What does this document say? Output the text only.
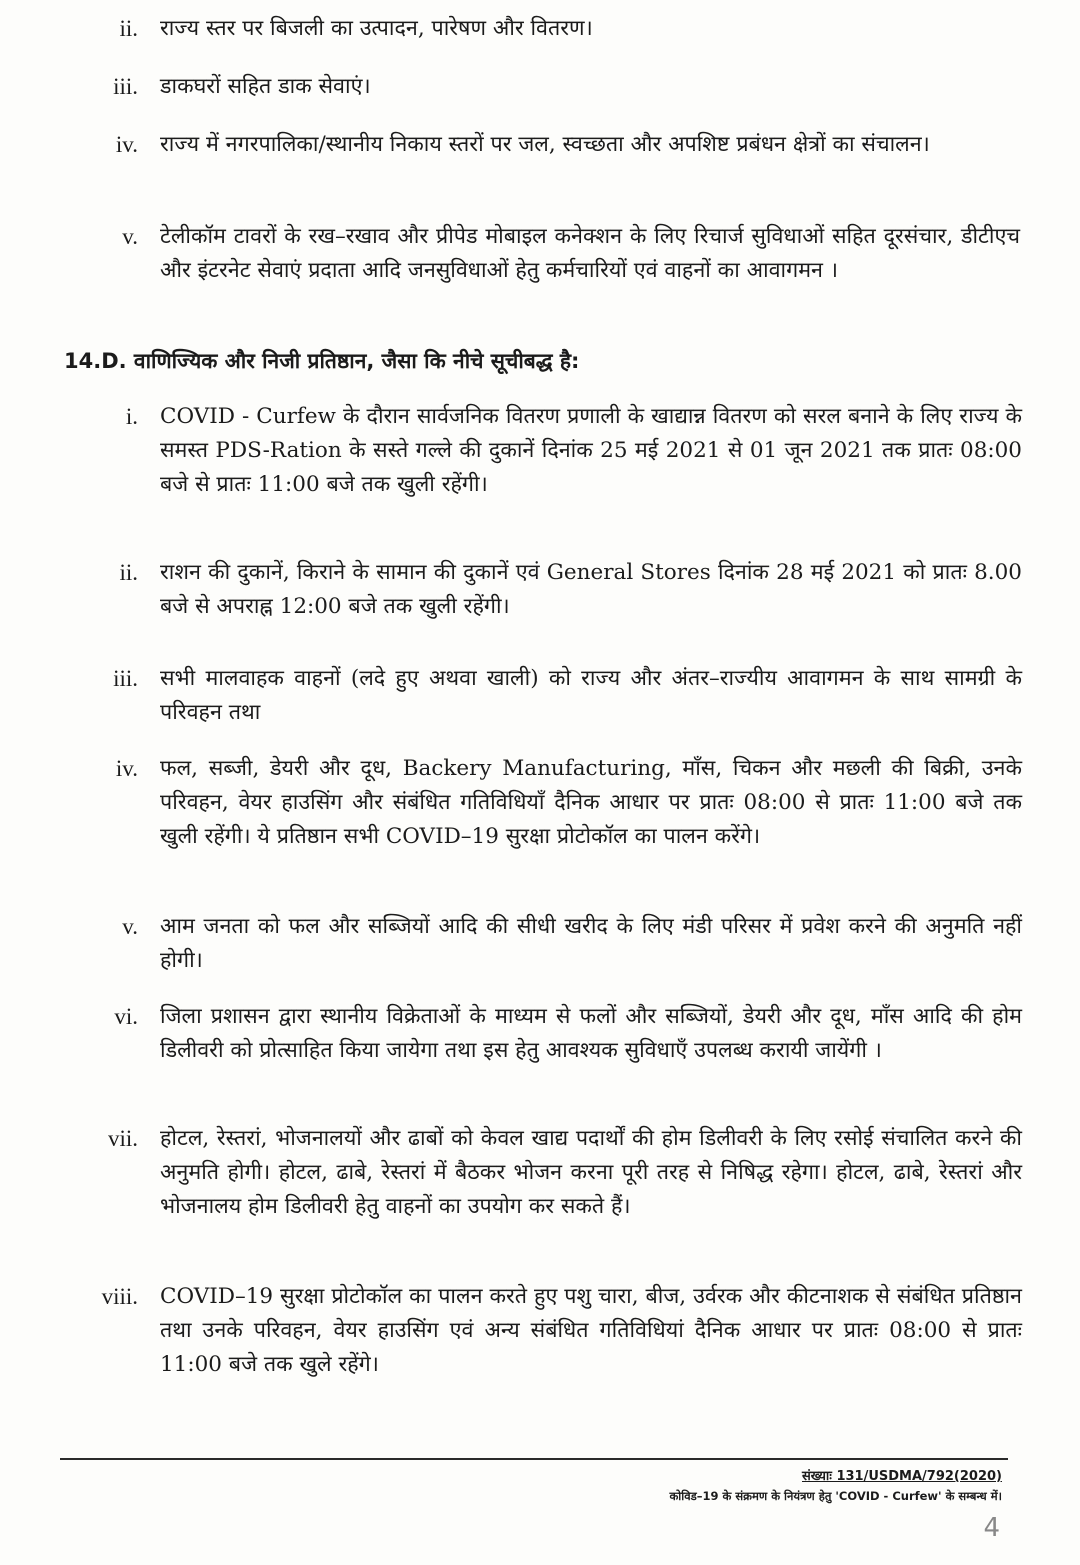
ii.	राज्य स्तर पर बिजली का उत्पादन, पारेषण और वितरण।
iii.	डाकघरों सहित डाक सेवाएं।
iv.	राज्य में नगरपालिका/स्थानीय निकाय स्तरों पर जल, स्वच्छता और अपशिष्ट प्रबंधन क्षेत्रों का संचालन।
v.	टेलीकॉम टावरों के रख–रखाव और प्रीपेड मोबाइल कनेक्शन के लिए रिचार्ज सुविधाओं सहित दूरसंचार, डीटीएच और इंटरनेट सेवाएं प्रदाता आदि जनसुविधाओं हेतु कर्मचारियों एवं वाहनों का आवागमन ।
14.D. वाणिज्यिक और निजी प्रतिष्ठान, जैसा कि नीचे सूचीबद्ध है:
i.	COVID - Curfew के दौरान सार्वजनिक वितरण प्रणाली के खाद्यान्न वितरण को सरल बनाने के लिए राज्य के समस्त PDS-Ration के सस्ते गल्ले की दुकानें दिनांक 25 मई 2021 से 01 जून 2021 तक प्रातः 08:00 बजे से प्रातः 11:00 बजे तक खुली रहेंगी।
ii.	राशन की दुकानें, किराने के सामान की दुकानें एवं General Stores दिनांक 28 मई 2021 को प्रातः 8.00 बजे से अपराह्न 12:00 बजे तक खुली रहेंगी।
iii.	सभी मालवाहक वाहनों (लदे हुए अथवा खाली) को राज्य और अंतर–राज्यीय आवागमन के साथ सामग्री के परिवहन तथा
iv.	फल, सब्जी, डेयरी और दूध, Backery Manufacturing, माँस, चिकन और मछली की बिक्री, उनके परिवहन, वेयर हाउसिंग और संबंधित गतिविधियाँ दैनिक आधार पर प्रातः 08:00 से प्रातः 11:00 बजे तक खुली रहेंगी। ये प्रतिष्ठान सभी COVID–19 सुरक्षा प्रोटोकॉल का पालन करेंगे।
v.	आम जनता को फल और सब्जियों आदि की सीधी खरीद के लिए मंडी परिसर में प्रवेश करने की अनुमति नहीं होगी।
vi.	जिला प्रशासन द्वारा स्थानीय विक्रेताओं के माध्यम से फलों और सब्जियों, डेयरी और दूध, माँस आदि की होम डिलीवरी को प्रोत्साहित किया जायेगा तथा इस हेतु आवश्यक सुविधाएँ उपलब्ध करायी जायेंगी ।
vii.	होटल, रेस्तरां, भोजनालयों और ढाबों को केवल खाद्य पदार्थों की होम डिलीवरी के लिए रसोई संचालित करने की अनुमति होगी। होटल, ढाबे, रेस्तरां में बैठकर भोजन करना पूरी तरह से निषिद्ध रहेगा। होटल, ढाबे, रेस्तरां और भोजनालय होम डिलीवरी हेतु वाहनों का उपयोग कर सकते हैं।
viii.	COVID–19 सुरक्षा प्रोटोकॉल का पालन करते हुए पशु चारा, बीज, उर्वरक और कीटनाशक से संबंधित प्रतिष्ठान तथा उनके परिवहन, वेयर हाउसिंग एवं अन्य संबंधित गतिविधियां दैनिक आधार पर प्रातः 08:00 से प्रातः 11:00 बजे तक खुले रहेंगे।
संख्याः 131/USDMA/792(2020)
कोविड–19 के संक्रमण के नियंत्रण हेतु 'COVID - Curfew' के सम्बन्ध में।
4
